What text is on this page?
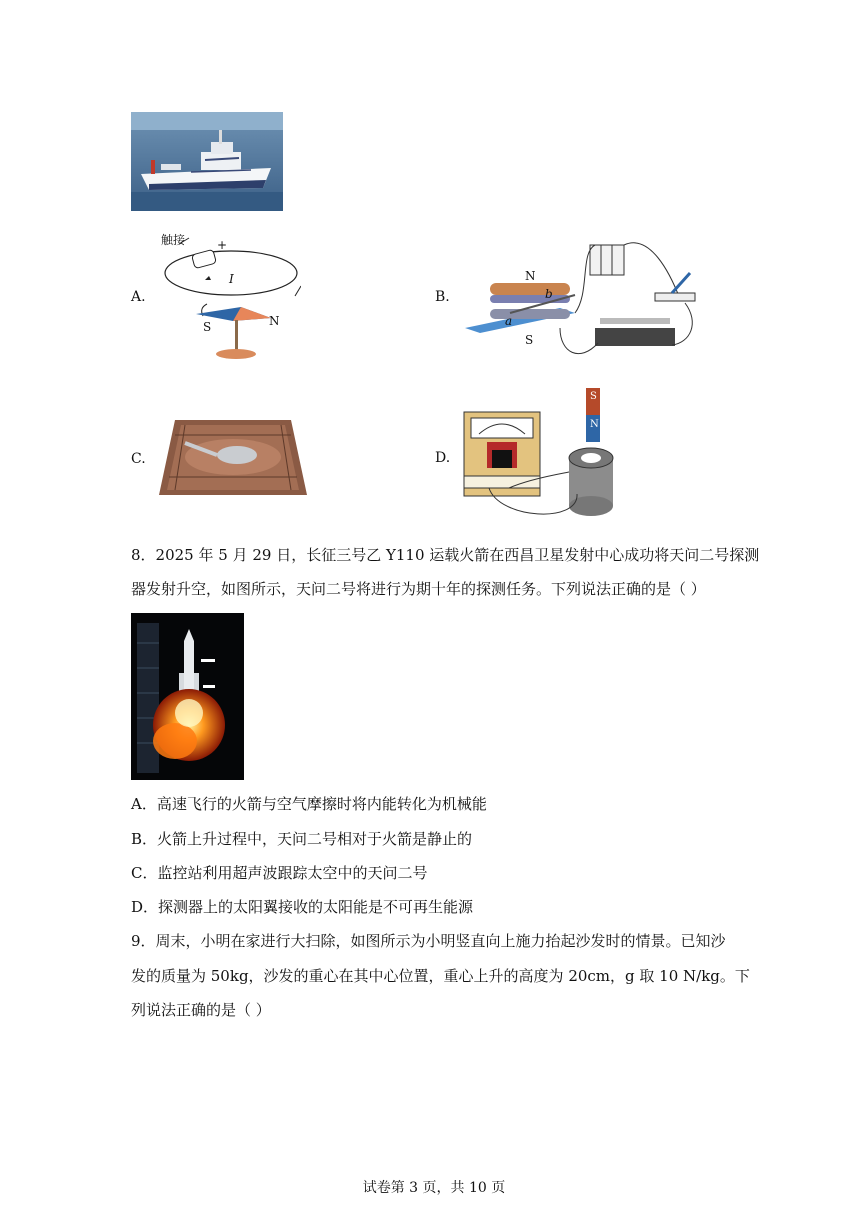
A.
触接	+
I
S	N
B.
N
S
a
b
C.	D.
S
N
8．2025 年 5 月 29 日，长征三号乙 Y110 运载火箭在西昌卫星发射中心成功将天问二号探测
器发射升空，如图所示，天问二号将进行为期十年的探测任务。下列说法正确的是（ ）
A．高速飞行的火箭与空气摩擦时将内能转化为机械能
B．火箭上升过程中，天问二号相对于火箭是静止的
C．监控站利用超声波跟踪太空中的天问二号
D．探测器上的太阳翼接收的太阳能是不可再生能源
9．周末，小明在家进行大扫除，如图所示为小明竖直向上施力抬起沙发时的情景。已知沙
发的质量为 50kg，沙发的重心在其中心位置，重心上升的高度为 20cm，g 取 10 N/kg。下
列说法正确的是（ ）
试卷第 3 页，共 10 页
